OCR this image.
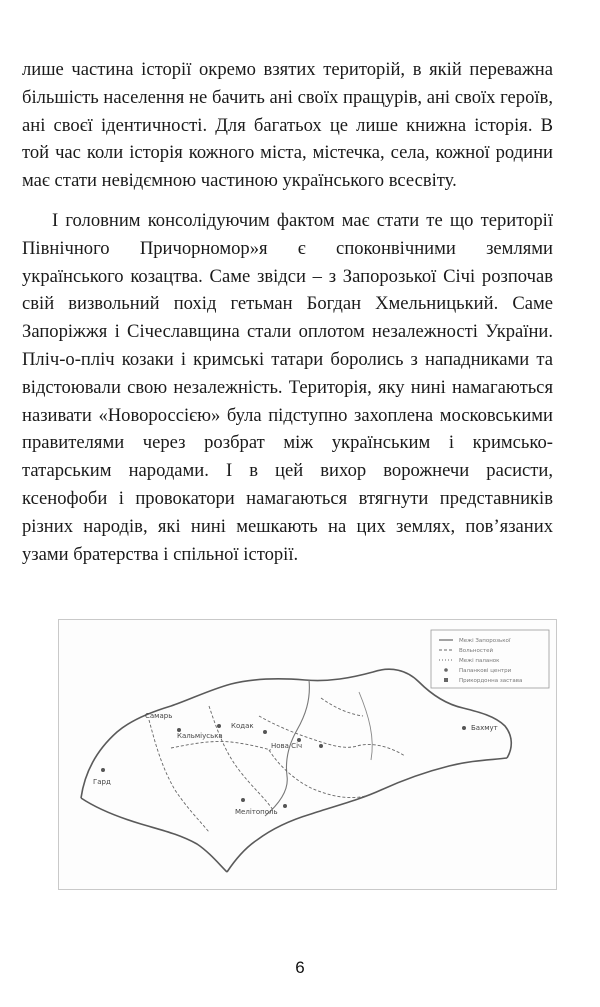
лише частина історії окремо взятих територій, в якій переважна більшість населення не бачить ані своїх пращурів, ані своїх героїв, ані своєї ідентичності. Для багатьох це лише книжна історія. В той час коли історія кожного міста, містечка, села, кожної родини має стати невідємною частиною українського всесвіту.

І головним консолідуючим фактом має стати те що території Північного Причорномор»я є споконвічними землями українського козацтва. Саме звідси – з Запорозької Січі розпочав свій визвольний похід гетьман Богдан Хмельницький. Саме Запоріжжя і Січеславщина стали оплотом незалежності України. Пліч-о-пліч козаки і кримські татари боролись з нападниками та відстоювали свою незалежність. Територія, яку нині намагаються називати «Новороссією» була підступно захоплена московськими правителями через розбрат між українським і кримсько-татарським народами. І в цей вихор ворожнечи расисти, ксенофоби і провокатори намагаються втягнути представників різних народів, які нині мешкають на цих землях, пов’язаних узами братерства і спільної історії.

Самарь
Кальміуська
Кодак
Нова Січ
Мелітополь
Бахмут
Гард
Межі Запорозької
Вольностей
Межі паланок
Паланкові центри
Прикордонна застава
6
